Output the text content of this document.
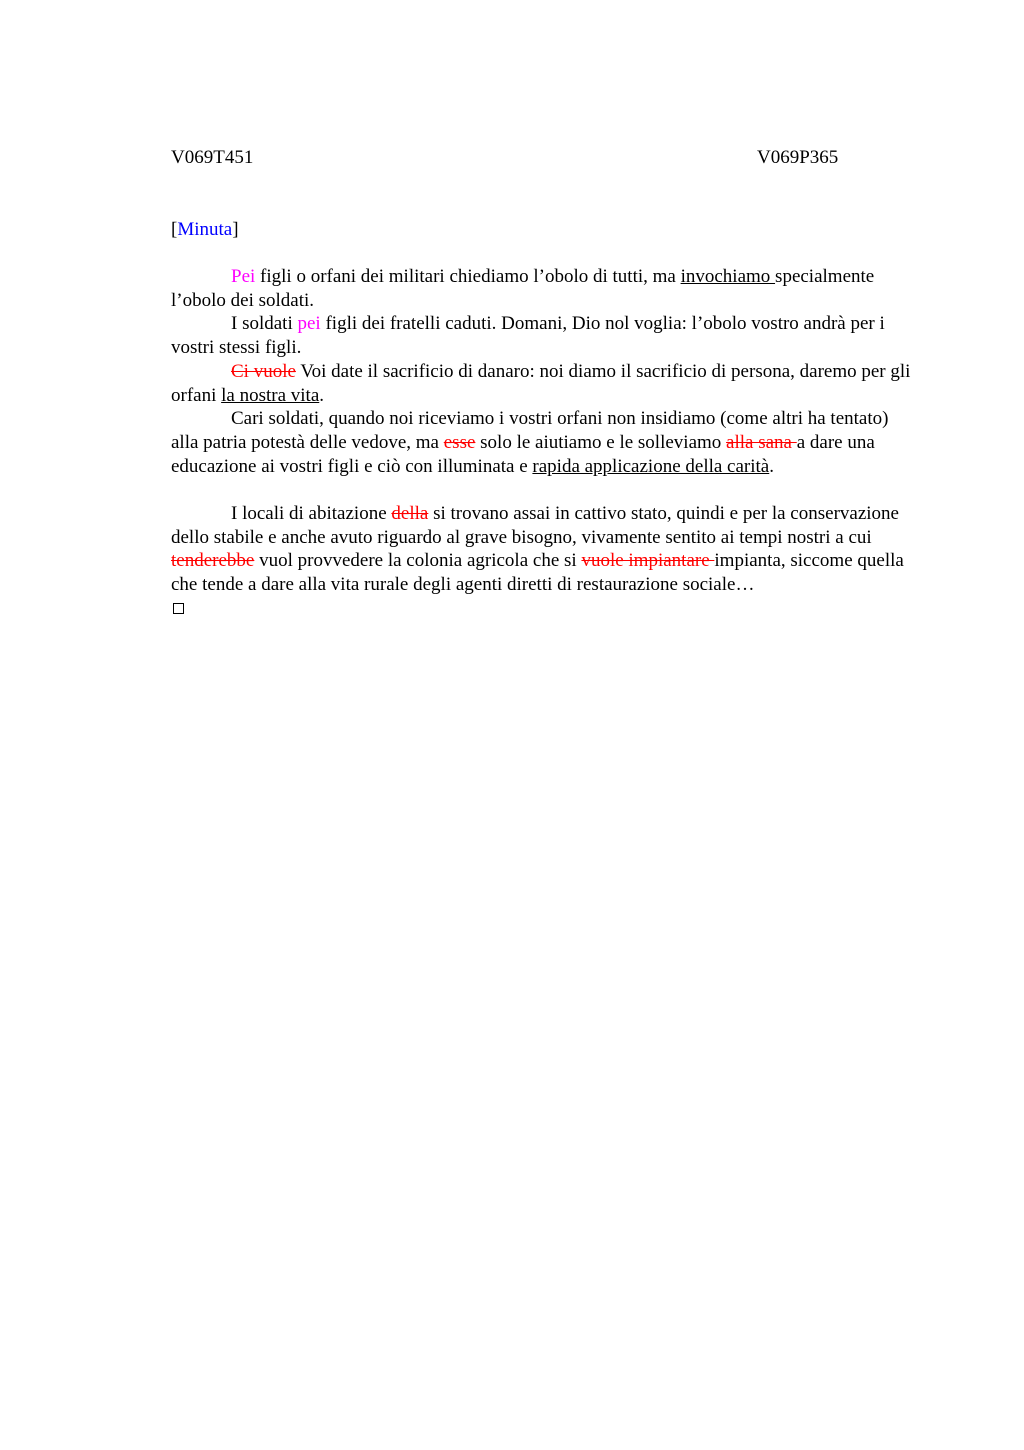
V069T451	V069P365
[Minuta]

Pei figli o orfani dei militari chiediamo l’obolo di tutti, ma invochiamo specialmente l’obolo dei soldati.

I soldati pei figli dei fratelli caduti. Domani, Dio nol voglia: l’obolo vostro andrà per i vostri stessi figli.

Ci vuole Voi date il sacrificio di danaro: noi diamo il sacrificio di persona, daremo per gli orfani la nostra vita.

Cari soldati, quando noi riceviamo i vostri orfani non insidiamo (come altri ha tentato) alla patria potestà delle vedove, ma esse solo le aiutiamo e le solleviamo alla sana a dare una educazione ai vostri figli e ciò con illuminata e rapida applicazione della carità.

I locali di abitazione della si trovano assai in cattivo stato, quindi e per la conservazione dello stabile e anche avuto riguardo al grave bisogno, vivamente sentito ai tempi nostri a cui tenderebbe vuol provvedere la colonia agricola che si vuole impiantare impianta, siccome quella che tende a dare alla vita rurale degli agenti diretti di restaurazione sociale…
